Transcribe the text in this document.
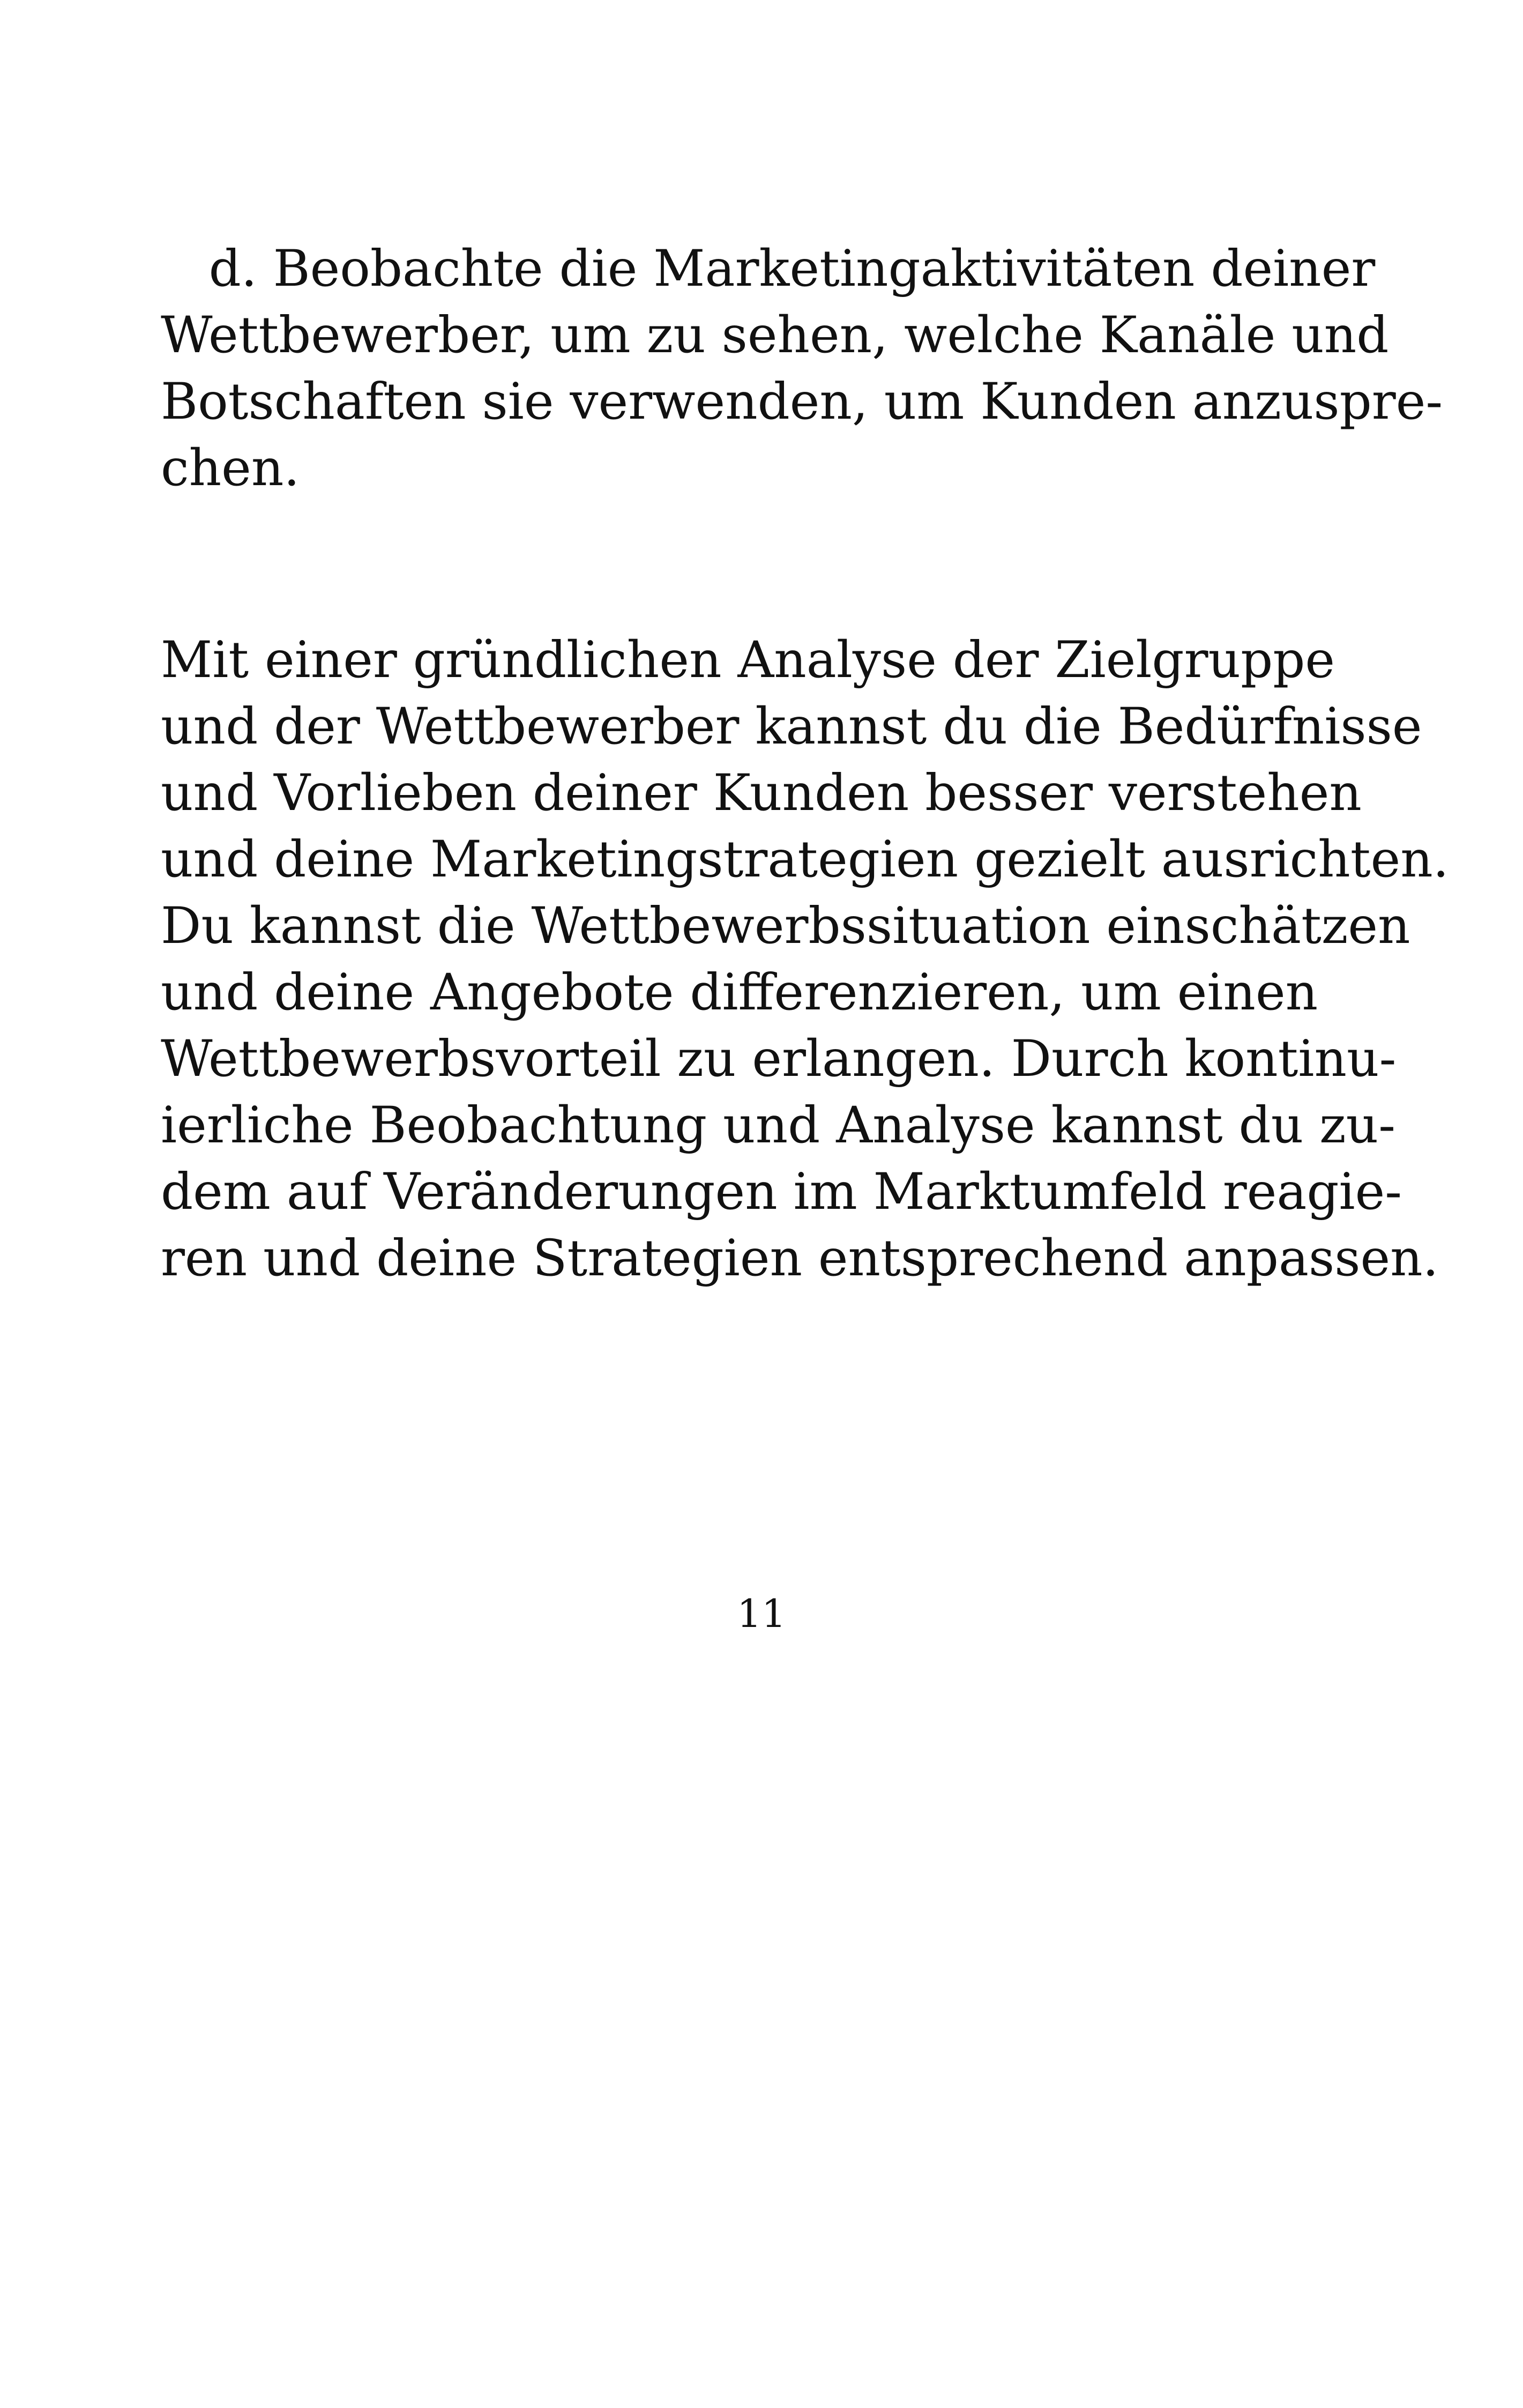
d. Beobachte die Marketingaktivitäten deiner
Wettbewerber, um zu sehen, welche Kanäle und
Botschaften sie verwenden, um Kunden anzuspre-
chen.

Mit einer gründlichen Analyse der Zielgruppe
und der Wettbewerber kannst du die Bedürfnisse
und Vorlieben deiner Kunden besser verstehen
und deine Marketingstrategien gezielt ausrichten.
Du kannst die Wettbewerbssituation einschätzen
und deine Angebote differenzieren, um einen
Wettbewerbsvorteil zu erlangen. Durch kontinu-
ierliche Beobachtung und Analyse kannst du zu-
dem auf Veränderungen im Marktumfeld reagie-
ren und deine Strategien entsprechend anpassen.

11
